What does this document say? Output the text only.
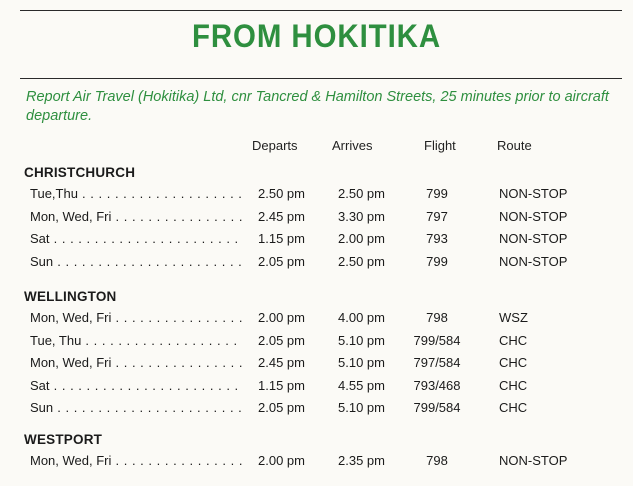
FROM HOKITIKA
Report Air Travel (Hokitika) Ltd, cnr Tancred & Hamilton Streets, 25 minutes prior to aircraft departure.
Departs	Arrives	Flight	Route
CHRISTCHURCH
Tue,Thu . . .	2.50 pm	2.50 pm	799	NON-STOP
Mon, Wed, Fri . . .	2.45 pm	3.30 pm	797	NON-STOP
Sat . . .	1.15 pm	2.00 pm	793	NON-STOP
Sun . . .	2.05 pm	2.50 pm	799	NON-STOP
WELLINGTON
Mon, Wed, Fri . . .	2.00 pm	4.00 pm	798	WSZ
Tue, Thu . . .	2.05 pm	5.10 pm	799/584	CHC
Mon, Wed, Fri . . .	2.45 pm	5.10 pm	797/584	CHC
Sat . . .	1.15 pm	4.55 pm	793/468	CHC
Sun . . .	2.05 pm	5.10 pm	799/584	CHC
WESTPORT
Mon, Wed, Fri . . .	2.00 pm	2.35 pm	798	NON-STOP
